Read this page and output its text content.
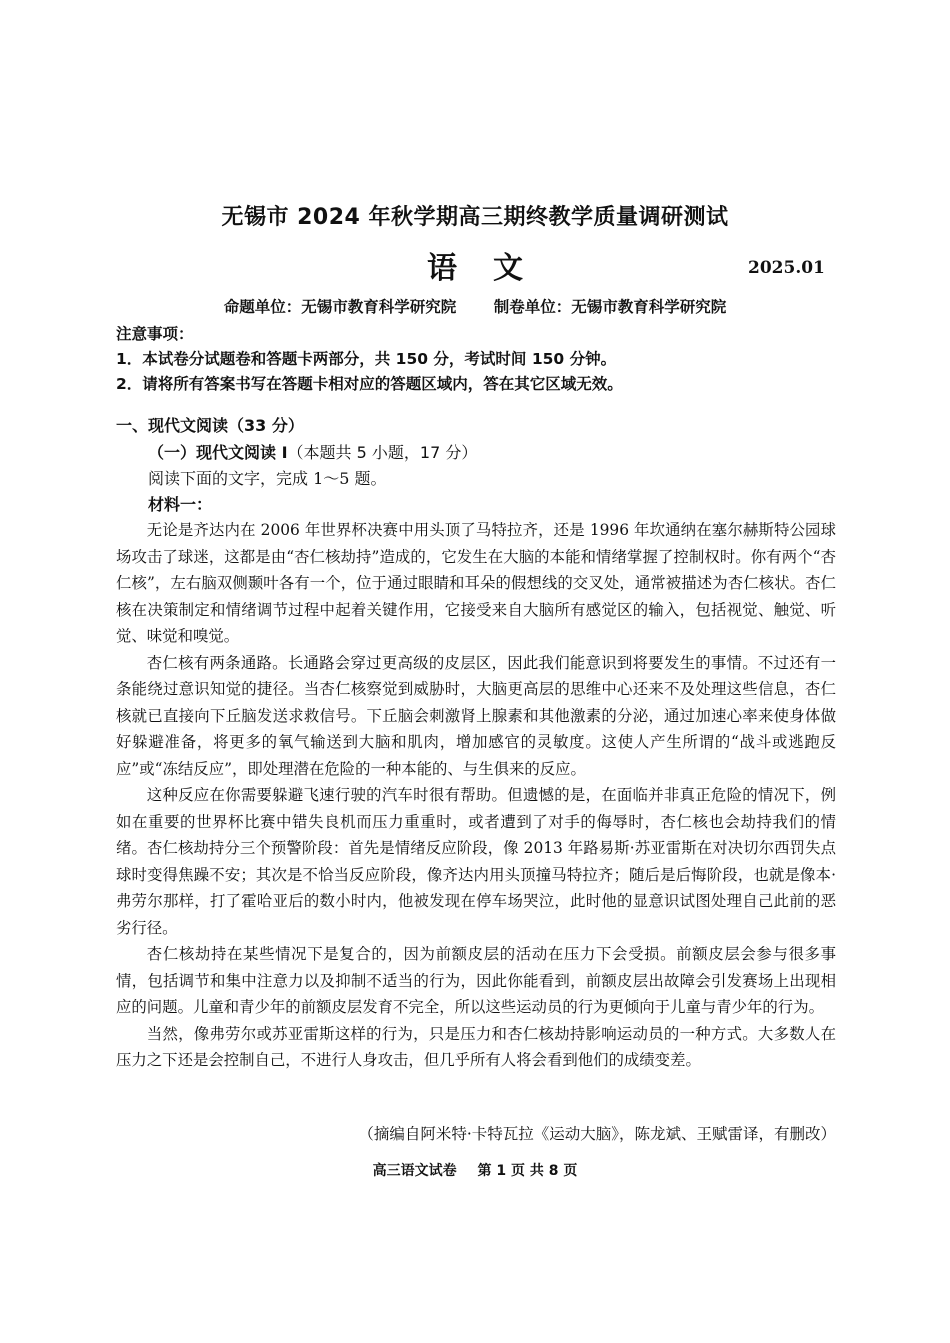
无锡市 2024 年秋学期高三期终教学质量调研测试
语文	2025.01
命题单位：无锡市教育科学研究院 制卷单位：无锡市教育科学研究院
注意事项：
1．本试卷分试题卷和答题卡两部分，共 150 分，考试时间 150 分钟。
2．请将所有答案书写在答题卡相对应的答题区域内，答在其它区域无效。
一、现代文阅读（33 分）
（一）现代文阅读 I（本题共 5 小题，17 分）
阅读下面的文字，完成 1～5 题。
材料一：

无论是齐达内在 2006 年世界杯决赛中用头顶了马特拉齐，还是 1996 年坎通纳在塞尔赫斯特公园球场攻击了球迷，这都是由“杏仁核劫持”造成的，它发生在大脑的本能和情绪掌握了控制权时。你有两个“杏仁核”，左右脑双侧颞叶各有一个，位于通过眼睛和耳朵的假想线的交叉处，通常被描述为杏仁核状。杏仁核在决策制定和情绪调节过程中起着关键作用，它接受来自大脑所有感觉区的输入，包括视觉、触觉、听觉、味觉和嗅觉。

杏仁核有两条通路。长通路会穿过更高级的皮层区，因此我们能意识到将要发生的事情。不过还有一条能绕过意识知觉的捷径。当杏仁核察觉到威胁时，大脑更高层的思维中心还来不及处理这些信息，杏仁核就已直接向下丘脑发送求救信号。下丘脑会刺激肾上腺素和其他激素的分泌，通过加速心率来使身体做好躲避准备，将更多的氧气输送到大脑和肌肉，增加感官的灵敏度。这使人产生所谓的“战斗或逃跑反应”或“冻结反应”，即处理潜在危险的一种本能的、与生俱来的反应。

这种反应在你需要躲避飞速行驶的汽车时很有帮助。但遗憾的是，在面临并非真正危险的情况下，例如在重要的世界杯比赛中错失良机而压力重重时，或者遭到了对手的侮辱时，杏仁核也会劫持我们的情绪。杏仁核劫持分三个预警阶段：首先是情绪反应阶段，像 2013 年路易斯·苏亚雷斯在对决切尔西罚失点球时变得焦躁不安；其次是不恰当反应阶段，像齐达内用头顶撞马特拉齐；随后是后悔阶段，也就是像本·弗劳尔那样，打了霍哈亚后的数小时内，他被发现在停车场哭泣，此时他的显意识试图处理自己此前的恶劣行径。

杏仁核劫持在某些情况下是复合的，因为前额皮层的活动在压力下会受损。前额皮层会参与很多事情，包括调节和集中注意力以及抑制不适当的行为，因此你能看到，前额皮层出故障会引发赛场上出现相应的问题。儿童和青少年的前额皮层发育不完全，所以这些运动员的行为更倾向于儿童与青少年的行为。

当然，像弗劳尔或苏亚雷斯这样的行为，只是压力和杏仁核劫持影响运动员的一种方式。大多数人在压力之下还是会控制自己，不进行人身攻击，但几乎所有人将会看到他们的成绩变差。

（摘编自阿米特·卡特瓦拉《运动大脑》，陈龙斌、王赋雷译，有删改）
高三语文试卷 第 1 页 共 8 页
